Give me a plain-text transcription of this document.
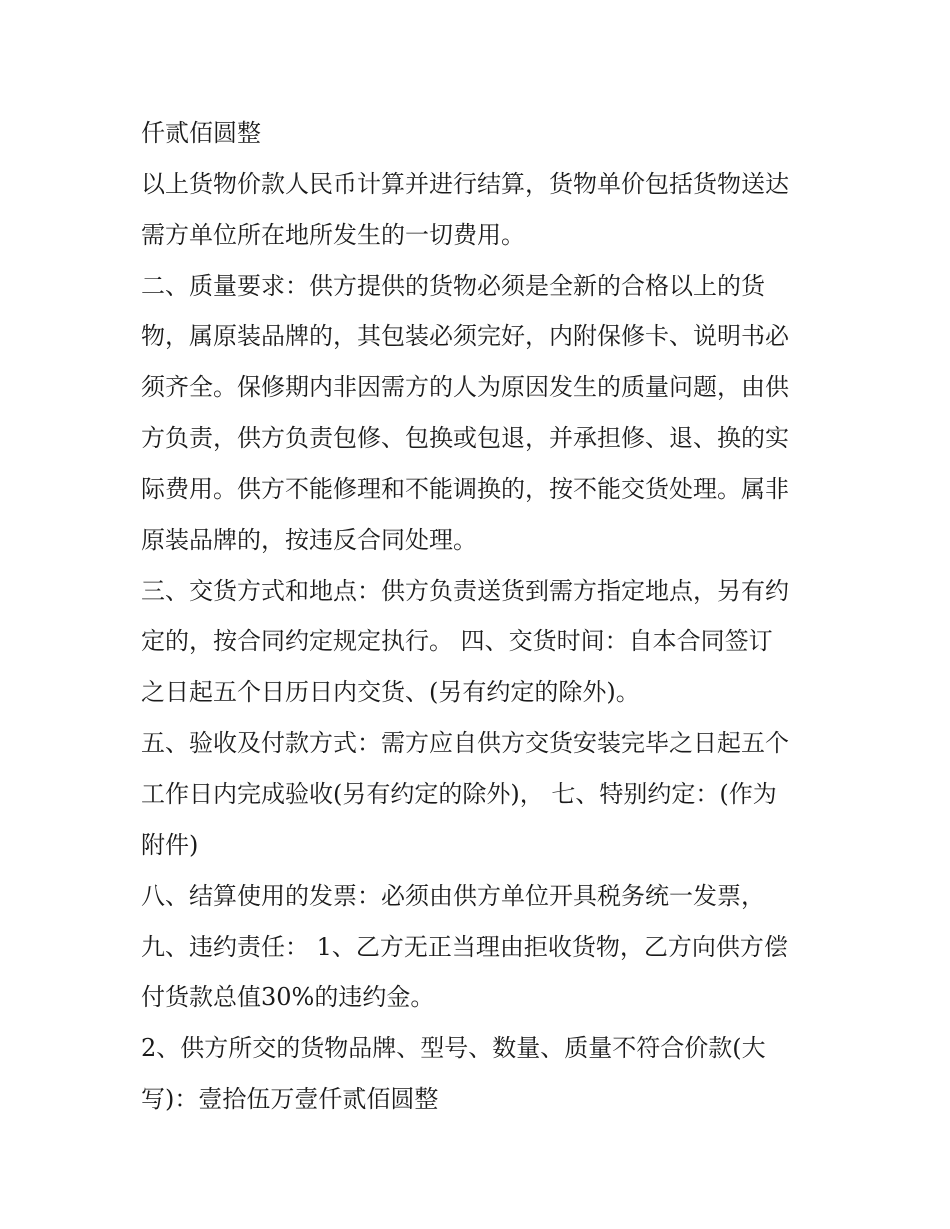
仟贰佰圆整
以上货物价款人民币计算并进行结算，货物单价包括货物送达
需方单位所在地所发生的一切费用。
二、质量要求：供方提供的货物必须是全新的合格以上的货
物，属原装品牌的，其包装必须完好，内附保修卡、说明书必
须齐全。保修期内非因需方的人为原因发生的质量问题，由供
方负责，供方负责包修、包换或包退，并承担修、退、换的实
际费用。供方不能修理和不能调换的，按不能交货处理。属非
原装品牌的，按违反合同处理。
三、交货方式和地点：供方负责送货到需方指定地点，另有约
定的，按合同约定规定执行。 四、交货时间：自本合同签订
之日起五个日历日内交货、(另有约定的除外)。
五、验收及付款方式：需方应自供方交货安装完毕之日起五个
工作日内完成验收(另有约定的除外)， 七、特别约定：(作为
附件)
八、结算使用的发票：必须由供方单位开具税务统一发票，
九、违约责任： 1、乙方无正当理由拒收货物，乙方向供方偿
付货款总值30%的违约金。
2、供方所交的货物品牌、型号、数量、质量不符合价款(大
写)：壹拾伍万壹仟贰佰圆整
